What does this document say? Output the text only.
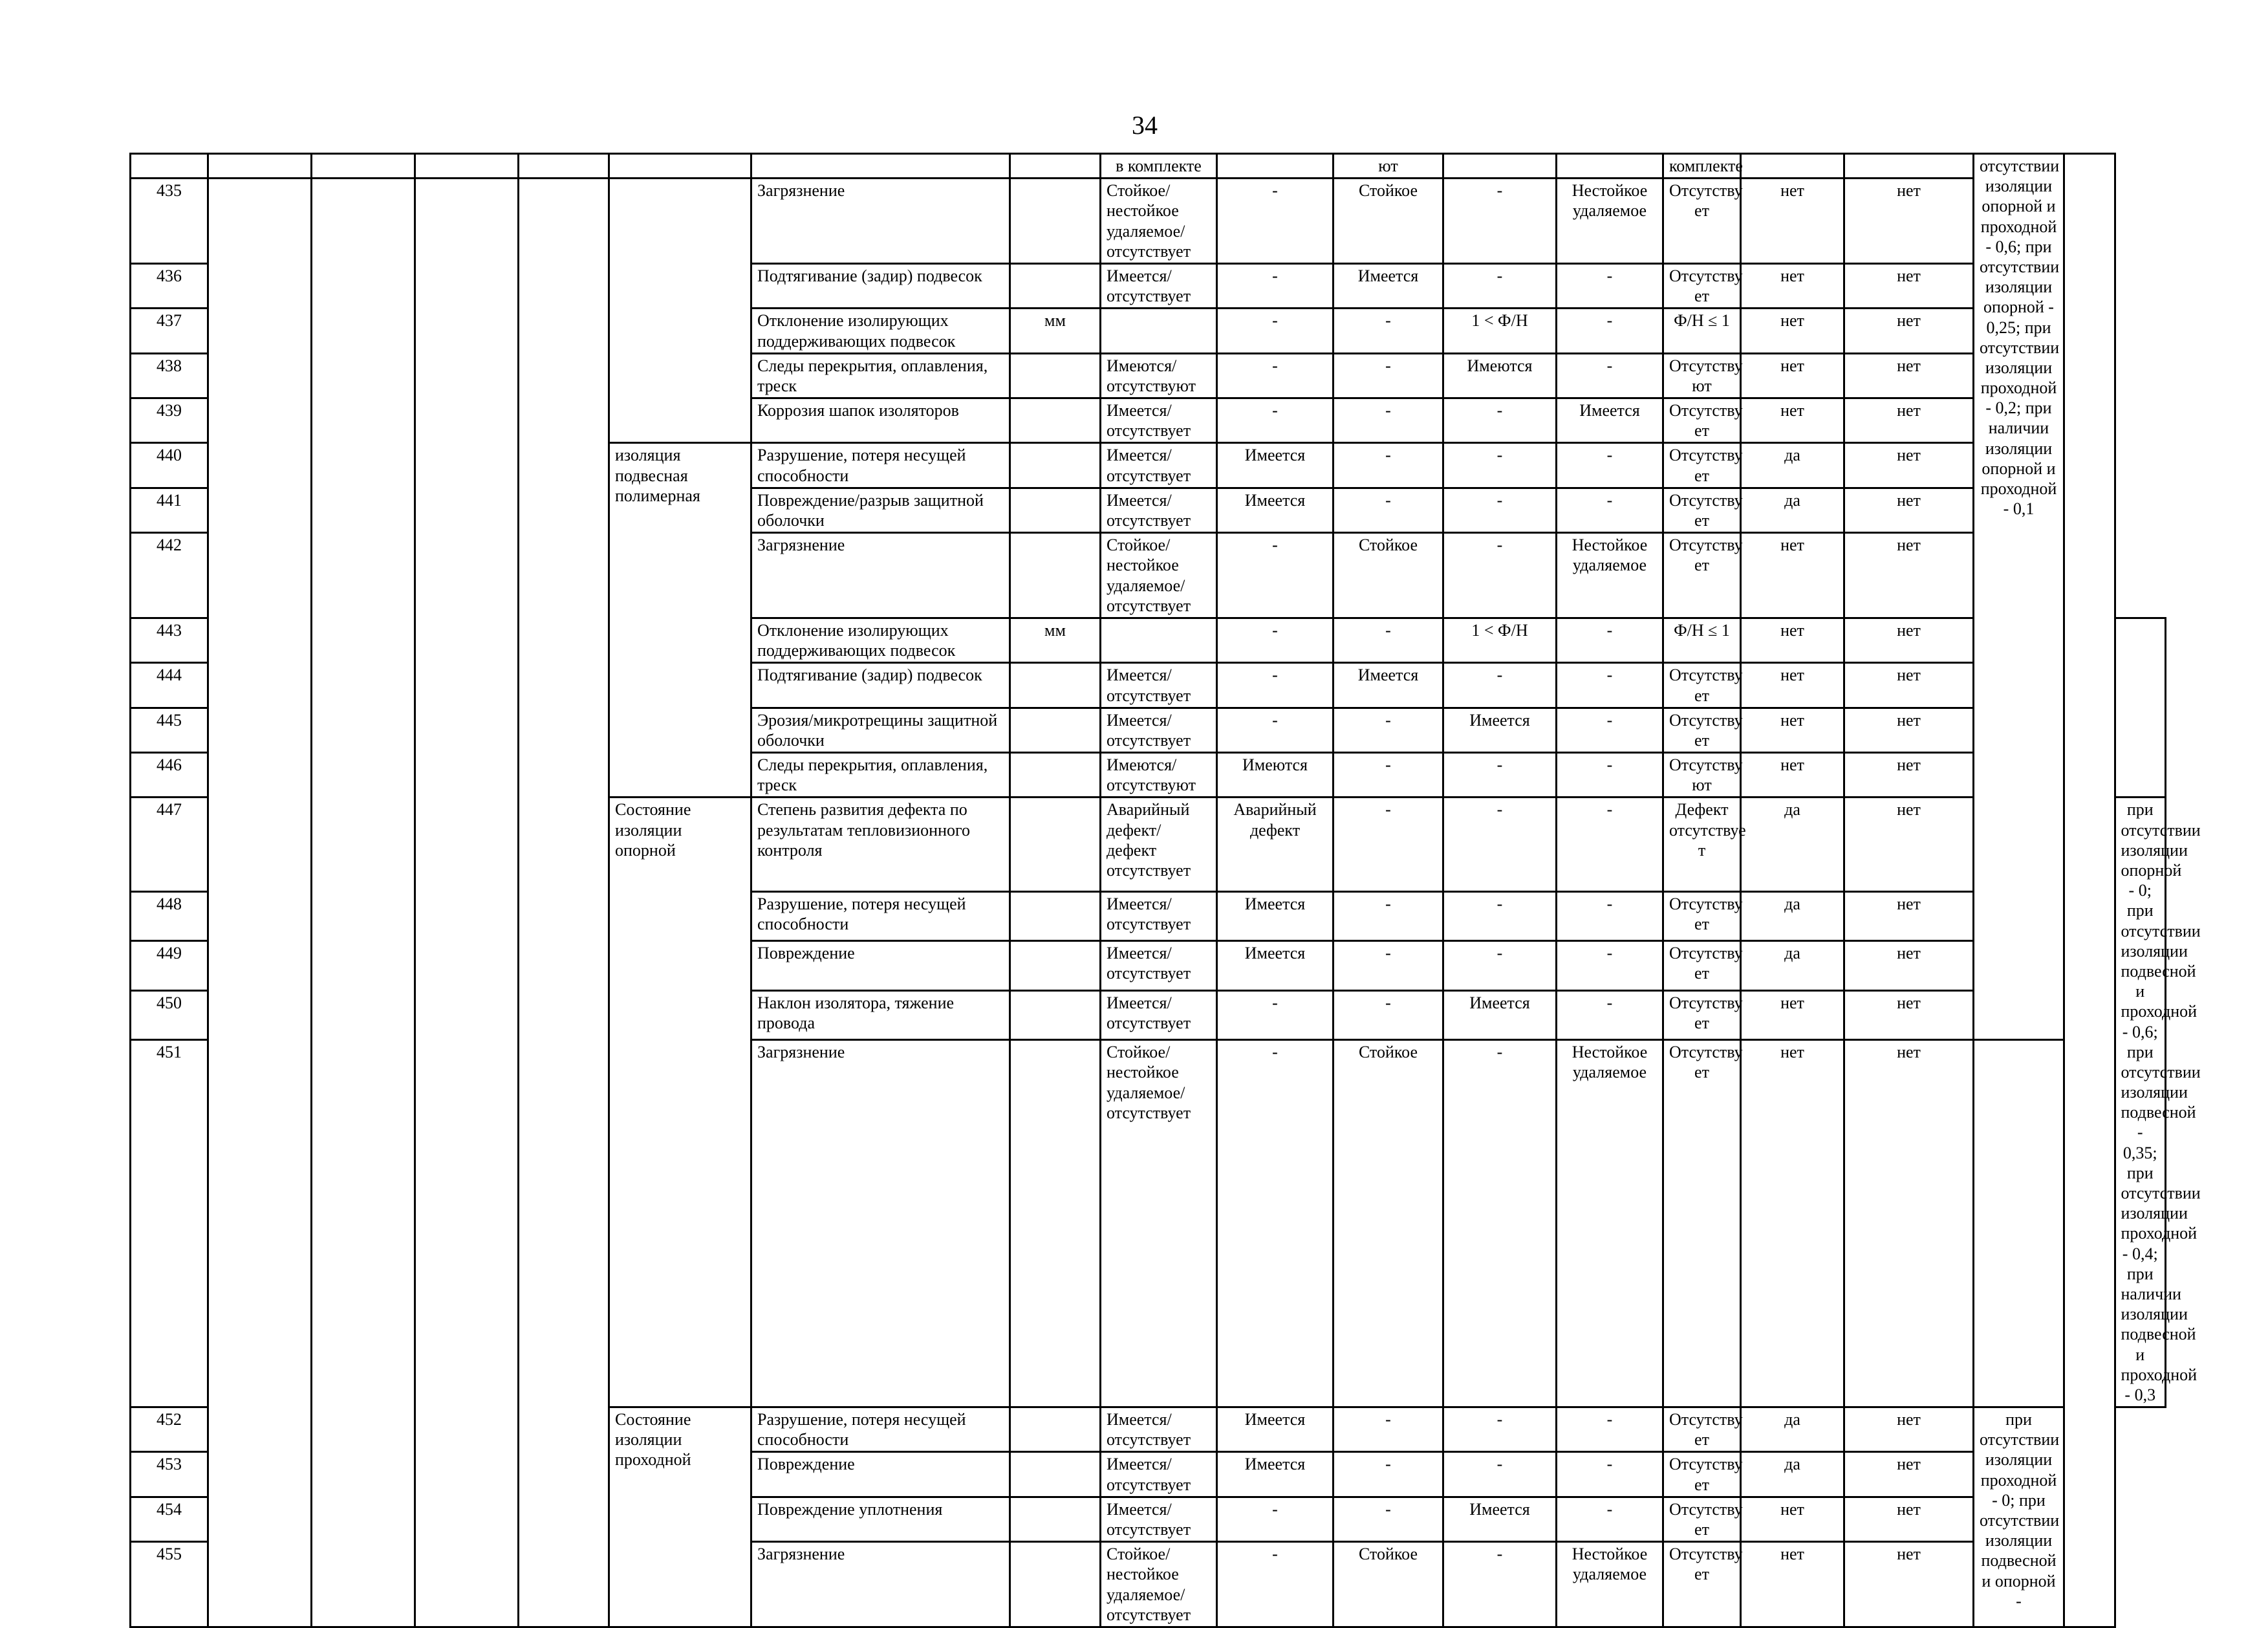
34
								в комплекте		ют			комплекте			отсутствии изоляции опорной и проходной - 0,6; при отсутствии изоляции опорной - 0,25; при отсутствии изоляции проходной - 0,2; при наличии изоляции опорной и проходной - 0,1		
435						Загрязнение		Стойкое/ нестойкое удаляемое/ отсутствует	-	Стойкое	-	Нестойкое удаляемое	Отсутству ет	нет	нет			
436						Подтягивание (задир) подвесок		Имеется/ отсутствует	-	Имеется	-	-	Отсутству ет	нет	нет			
437						Отклонение изолирующих поддерживающих подвесок	мм		-	-	1 < Ф/Н	-	Ф/Н ≤ 1	нет	нет			
438						Следы перекрытия, оплавления, треск		Имеются/ отсутствуют	-	-	Имеются	-	Отсутству ют	нет	нет			
439						Коррозия шапок изоляторов		Имеется/ отсутствует	-	-	-	Имеется	Отсутству ет	нет	нет			
440					изоляция подвесная полимерная	Разрушение, потеря несущей способности		Имеется/ отсутствует	Имеется	-	-	-	Отсутству ет	да	нет			
441						Повреждение/разрыв защитной оболочки		Имеется/ отсутствует	Имеется	-	-	-	Отсутству ет	да	нет			
442						Загрязнение		Стойкое/ нестойкое удаляемое/ отсутствует	-	Стойкое	-	Нестойкое удаляемое	Отсутству ет	нет	нет			
443						Отклонение изолирующих поддерживающих подвесок	мм		-	-	1 < Ф/Н	-	Ф/Н ≤ 1	нет	нет			
444						Подтягивание (задир) подвесок		Имеется/ отсутствует	-	Имеется	-	-	Отсутству ет	нет	нет			
445						Эрозия/микротрещины защитной оболочки		Имеется/ отсутствует	-	-	Имеется	-	Отсутству ет	нет	нет			
446						Следы перекрытия, оплавления, треск		Имеются/ отсутствуют	Имеются	-	-	-	Отсутству ют	нет	нет			
447					Состояние изоляции опорной	Степень развития дефекта по результатам тепловизионного контроля		Аварийный дефект/ дефект отсутствует	Аварийный дефект	-	-	-	Дефект отсутствуе т	да	нет			при отсутствии изоляции опорной - 0; при отсутствии изоляции подвесной и проходной - 0,6; при отсутствии изоляции подвесной - 0,35; при отсутствии изоляции проходной - 0,4; при наличии изоляции подвесной и проходной - 0,3
448						Разрушение, потеря несущей способности		Имеется/ отсутствует	Имеется	-	-	-	Отсутству ет	да	нет			
449						Повреждение		Имеется/ отсутствует	Имеется	-	-	-	Отсутству ет	да	нет			
450						Наклон изолятора, тяжение провода		Имеется/ отсутствует	-	-	Имеется	-	Отсутству ет	нет	нет			
451						Загрязнение		Стойкое/ нестойкое удаляемое/ отсутствует	-	Стойкое	-	Нестойкое удаляемое	Отсутству ет	нет	нет			
452					Состояние изоляции проходной	Разрушение, потеря несущей способности		Имеется/ отсутствует	Имеется	-	-	-	Отсутству ет	да	нет	при отсутствии изоляции проходной - 0; при отсутствии изоляции подвесной и опорной -		
453						Повреждение		Имеется/ отсутствует	Имеется	-	-	-	Отсутству ет	да	нет			
454						Повреждение уплотнения		Имеется/ отсутствует	-	-	Имеется	-	Отсутству ет	нет	нет			
455						Загрязнение		Стойкое/ нестойкое удаляемое/ отсутствует	-	Стойкое	-	Нестойкое удаляемое	Отсутству ет	нет	нет			
